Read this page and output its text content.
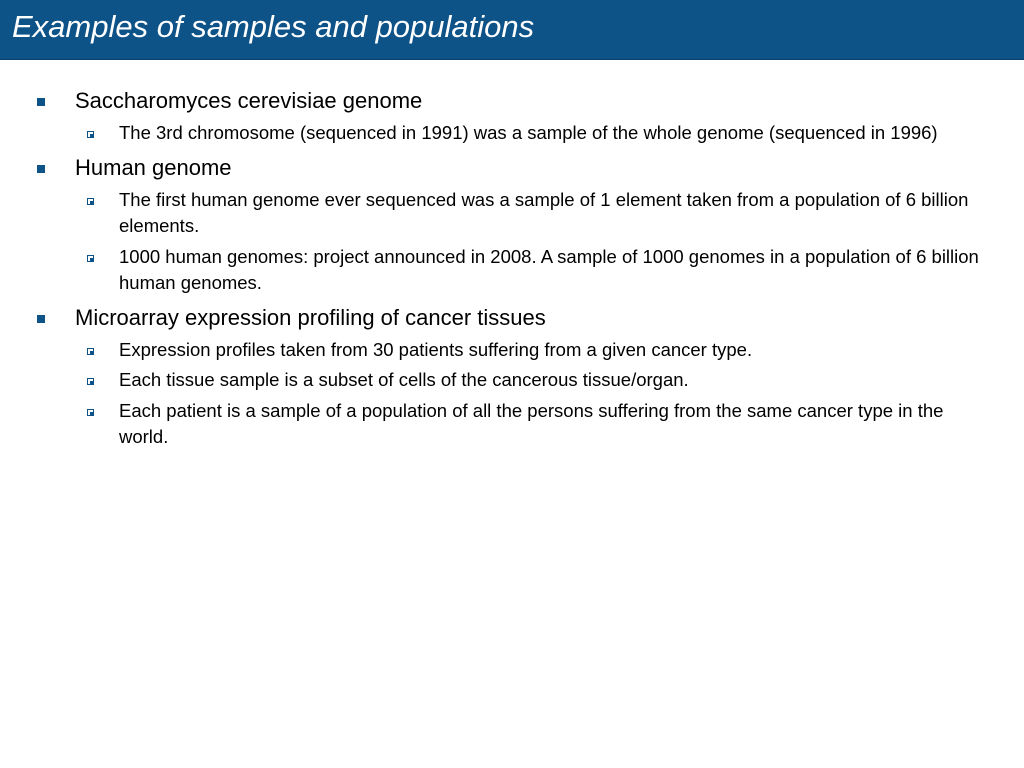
Examples of samples and populations
Saccharomyces cerevisiae genome
The 3rd chromosome (sequenced in 1991) was a sample of the whole genome (sequenced in 1996)
Human genome
The first human genome ever sequenced was a sample of 1 element taken from a population of 6 billion elements.
1000 human genomes: project announced in 2008. A sample of 1000 genomes in a population of 6 billion human genomes.
Microarray expression profiling of cancer tissues
Expression profiles taken from 30 patients suffering from a given cancer type.
Each tissue sample is a subset of cells of the cancerous tissue/organ.
Each patient is a sample of a population of all the persons suffering from the same cancer type in the world.
